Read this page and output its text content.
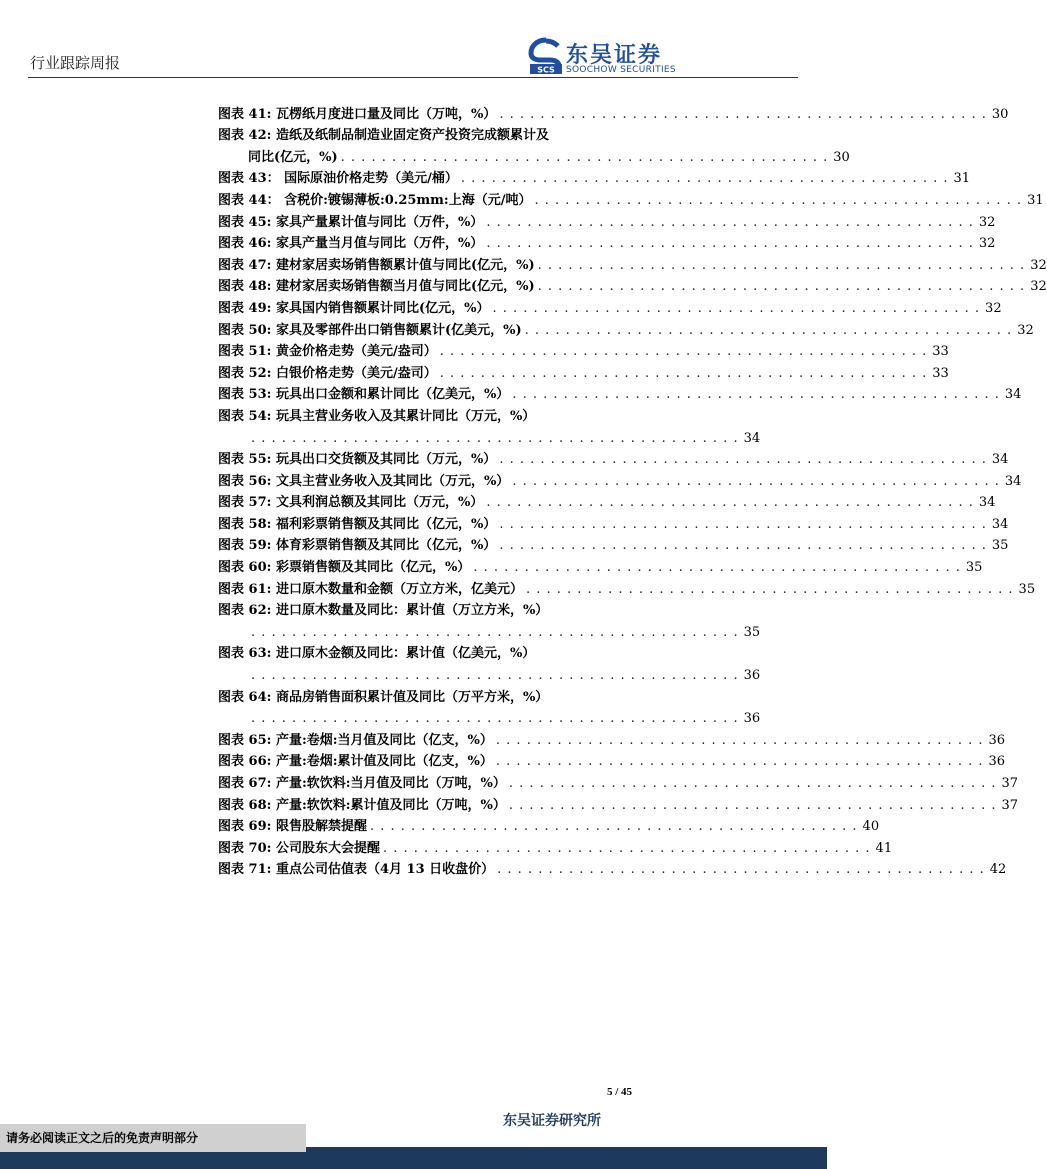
行业跟踪周报	SCS
东吴证券
SOOCHOW SECURITIES
图表 41:
瓦楞纸月度进口量及同比（万吨，%） . . . . . . . . . . . . . . . . . . . . . . . . . . . . . . . . . . . . . . . . . . . . . . . . 30
图表 42:
造纸及纸制品制造业固定资产投资完成额累计及
同比(亿元，%) . . . . . . . . . . . . . . . . . . . . . . . . . . . . . . . . . . . . . . . . . . . . . . . . 30
图表 43：
国际原油价格走势（美元/桶） . . . . . . . . . . . . . . . . . . . . . . . . . . . . . . . . . . . . . . . . . . . . . . . . 31
图表 44：
含税价:镀锡薄板:0.25mm:上海（元/吨） . . . . . . . . . . . . . . . . . . . . . . . . . . . . . . . . . . . . . . . . . . . . . . . . 31
图表 45:
家具产量累计值与同比（万件，%） . . . . . . . . . . . . . . . . . . . . . . . . . . . . . . . . . . . . . . . . . . . . . . . . 32
图表 46:
家具产量当月值与同比（万件，%） . . . . . . . . . . . . . . . . . . . . . . . . . . . . . . . . . . . . . . . . . . . . . . . . 32
图表 47:
建材家居卖场销售额累计值与同比(亿元，%) . . . . . . . . . . . . . . . . . . . . . . . . . . . . . . . . . . . . . . . . . . . . . . . . 32
图表 48:
建材家居卖场销售额当月值与同比(亿元，%) . . . . . . . . . . . . . . . . . . . . . . . . . . . . . . . . . . . . . . . . . . . . . . . . 32
图表 49:
家具国内销售额累计同比(亿元，%） . . . . . . . . . . . . . . . . . . . . . . . . . . . . . . . . . . . . . . . . . . . . . . . . 32
图表 50:
家具及零部件出口销售额累计(亿美元，%) . . . . . . . . . . . . . . . . . . . . . . . . . . . . . . . . . . . . . . . . . . . . . . . . 32
图表 51:
黄金价格走势（美元/盎司） . . . . . . . . . . . . . . . . . . . . . . . . . . . . . . . . . . . . . . . . . . . . . . . . 33
图表 52:
白银价格走势（美元/盎司） . . . . . . . . . . . . . . . . . . . . . . . . . . . . . . . . . . . . . . . . . . . . . . . . 33
图表 53:
玩具出口金额和累计同比（亿美元，%） . . . . . . . . . . . . . . . . . . . . . . . . . . . . . . . . . . . . . . . . . . . . . . . . 34
图表 54:
玩具主营业务收入及其累计同比（万元，%）
. . . . . . . . . . . . . . . . . . . . . . . . . . . . . . . . . . . . . . . . . . . . . . . . 34
图表 55:
玩具出口交货额及其同比（万元，%） . . . . . . . . . . . . . . . . . . . . . . . . . . . . . . . . . . . . . . . . . . . . . . . . 34
图表 56:
文具主营业务收入及其同比（万元，%） . . . . . . . . . . . . . . . . . . . . . . . . . . . . . . . . . . . . . . . . . . . . . . . . 34
图表 57:
文具利润总额及其同比（万元，%） . . . . . . . . . . . . . . . . . . . . . . . . . . . . . . . . . . . . . . . . . . . . . . . . 34
图表 58:
福利彩票销售额及其同比（亿元，%） . . . . . . . . . . . . . . . . . . . . . . . . . . . . . . . . . . . . . . . . . . . . . . . . 34
图表 59:
体育彩票销售额及其同比（亿元，%） . . . . . . . . . . . . . . . . . . . . . . . . . . . . . . . . . . . . . . . . . . . . . . . . 35
图表 60:
彩票销售额及其同比（亿元，%） . . . . . . . . . . . . . . . . . . . . . . . . . . . . . . . . . . . . . . . . . . . . . . . . 35
图表 61:
进口原木数量和金额（万立方米，亿美元） . . . . . . . . . . . . . . . . . . . . . . . . . . . . . . . . . . . . . . . . . . . . . . . . 35
图表 62:
进口原木数量及同比：累计值（万立方米，%）
. . . . . . . . . . . . . . . . . . . . . . . . . . . . . . . . . . . . . . . . . . . . . . . . 35
图表 63:
进口原木金额及同比：累计值（亿美元，%）
. . . . . . . . . . . . . . . . . . . . . . . . . . . . . . . . . . . . . . . . . . . . . . . . 36
图表 64:
商品房销售面积累计值及同比（万平方米，%）
. . . . . . . . . . . . . . . . . . . . . . . . . . . . . . . . . . . . . . . . . . . . . . . . 36
图表 65:
产量:卷烟:当月值及同比（亿支，%） . . . . . . . . . . . . . . . . . . . . . . . . . . . . . . . . . . . . . . . . . . . . . . . . 36
图表 66:
产量:卷烟:累计值及同比（亿支，%） . . . . . . . . . . . . . . . . . . . . . . . . . . . . . . . . . . . . . . . . . . . . . . . . 36
图表 67:
产量:软饮料:当月值及同比（万吨，%） . . . . . . . . . . . . . . . . . . . . . . . . . . . . . . . . . . . . . . . . . . . . . . . . 37
图表 68:
产量:软饮料:累计值及同比（万吨，%） . . . . . . . . . . . . . . . . . . . . . . . . . . . . . . . . . . . . . . . . . . . . . . . . 37
图表 69:
限售股解禁提醒 . . . . . . . . . . . . . . . . . . . . . . . . . . . . . . . . . . . . . . . . . . . . . . . . 40
图表 70:
公司股东大会提醒 . . . . . . . . . . . . . . . . . . . . . . . . . . . . . . . . . . . . . . . . . . . . . . . . 41
图表 71:
重点公司估值表（4月 13 日收盘价） . . . . . . . . . . . . . . . . . . . . . . . . . . . . . . . . . . . . . . . . . . . . . . . . 42
5 / 45
东吴证券研究所
请务必阅读正文之后的免责声明部分
